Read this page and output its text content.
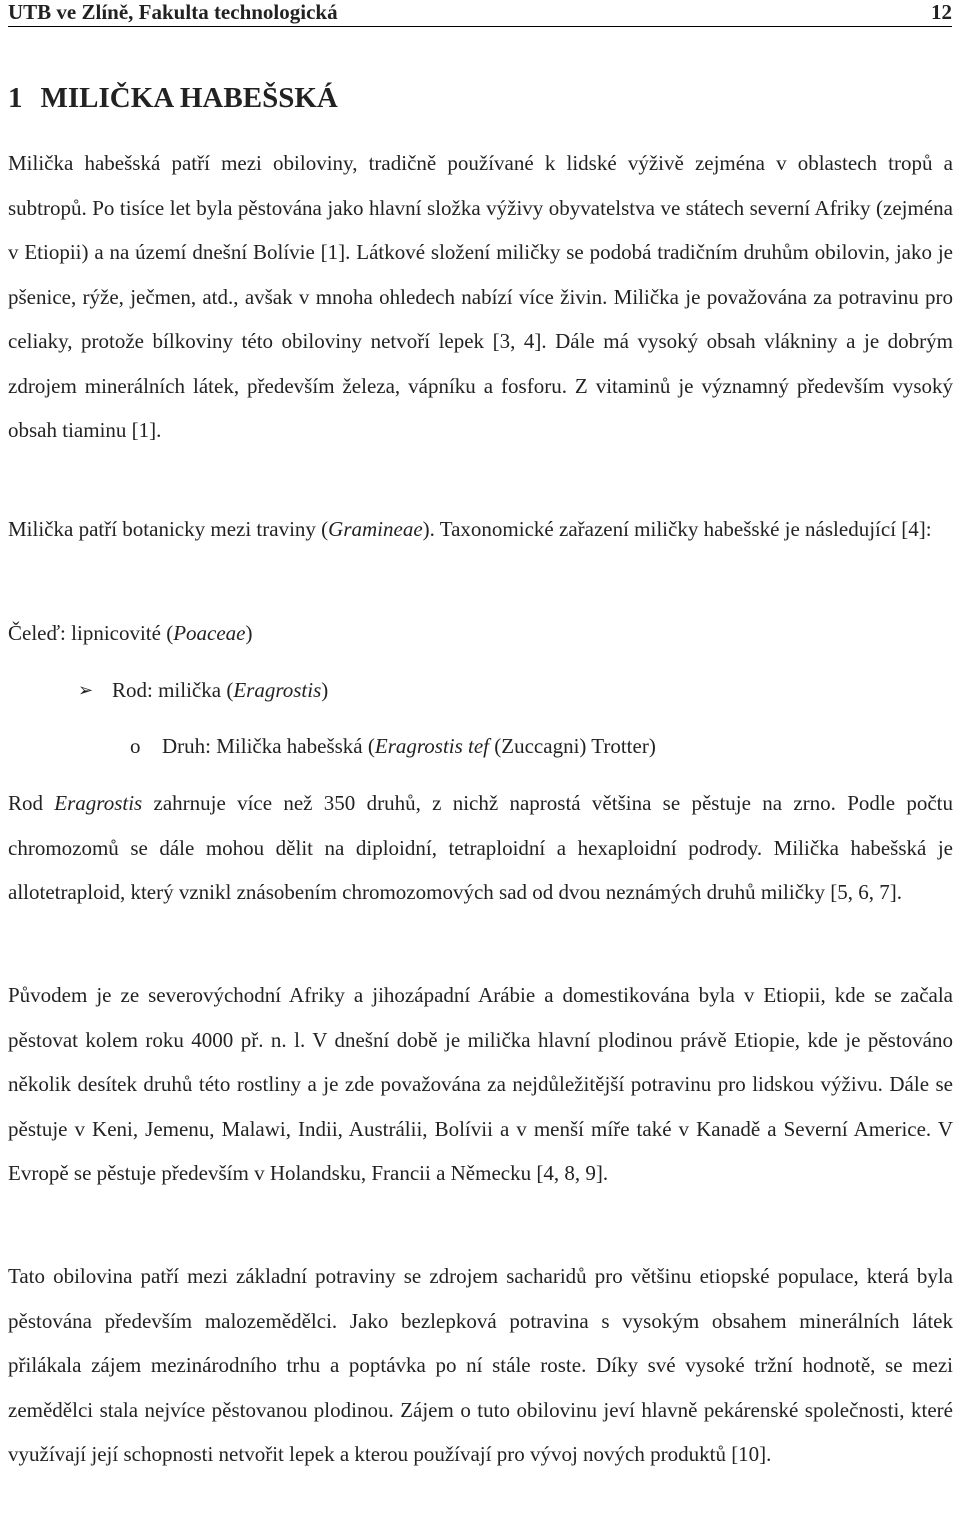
UTB ve Zlíně, Fakulta technologická	12
1 MILIČKA HABEŠSKÁ

Milička habešská patří mezi obiloviny, tradičně používané k lidské výživě zejména v oblastech tropů a subtropů. Po tisíce let byla pěstována jako hlavní složka výživy obyvatelstva ve státech severní Afriky (zejména v Etiopii) a na území dnešní Bolívie [1]. Látkové složení miličky se podobá tradičním druhům obilovin, jako je pšenice, rýže, ječmen, atd., avšak v mnoha ohledech nabízí více živin. Milička je považována za potravinu pro celiaky, protože bílkoviny této obiloviny netvoří lepek [3, 4]. Dále má vysoký obsah vlákniny a je dobrým zdrojem minerálních látek, především železa, vápníku a fosforu. Z vitaminů je významný především vysoký obsah tiaminu [1].

Milička patří botanicky mezi traviny (Gramineae). Taxonomické zařazení miličky habešské je následující [4]:

Čeleď: lipnicovité (Poaceae)
➢ Rod: milička (Eragrostis)
o Druh: Milička habešská (Eragrostis tef (Zuccagni) Trotter)

Rod Eragrostis zahrnuje více než 350 druhů, z nichž naprostá většina se pěstuje na zrno. Podle počtu chromozomů se dále mohou dělit na diploidní, tetraploidní a hexaploidní podrody. Milička habešská je allotetraploid, který vznikl znásobením chromozomových sad od dvou neznámých druhů miličky [5, 6, 7].

Původem je ze severovýchodní Afriky a jihozápadní Arábie a domestikována byla v Etiopii, kde se začala pěstovat kolem roku 4000 př. n. l. V dnešní době je milička hlavní plodinou právě Etiopie, kde je pěstováno několik desítek druhů této rostliny a je zde považována za nejdůležitější potravinu pro lidskou výživu. Dále se pěstuje v Keni, Jemenu, Malawi, Indii, Austrálii, Bolívii a v menší míře také v Kanadě a Severní Americe. V Evropě se pěstuje především v Holandsku, Francii a Německu [4, 8, 9].

Tato obilovina patří mezi základní potraviny se zdrojem sacharidů pro většinu etiopské populace, která byla pěstována především malozemědělci. Jako bezlepková potravina s vysokým obsahem minerálních látek přilákala zájem mezinárodního trhu a poptávka po ní stále roste. Díky své vysoké tržní hodnotě, se mezi zemědělci stala nejvíce pěstovanou plodinou. Zájem o tuto obilovinu jeví hlavně pekárenské společnosti, které využívají její schopnosti netvořit lepek a kterou používají pro vývoj nových produktů [10].
